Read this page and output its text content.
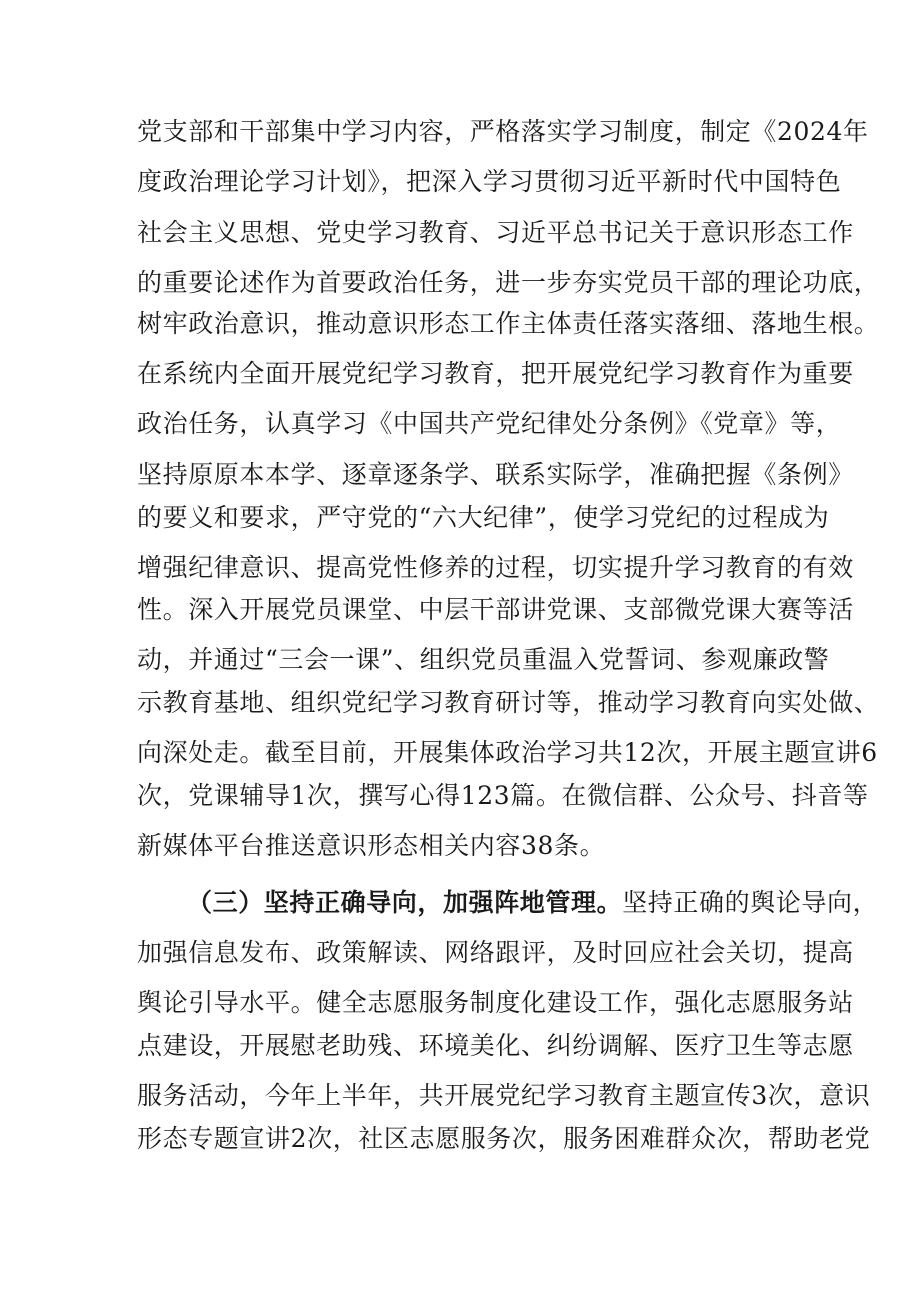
党支部和干部集中学习内容，严格落实学习制度，制定《2024年
度政治理论学习计划》，把深入学习贯彻习近平新时代中国特色
社会主义思想、党史学习教育、习近平总书记关于意识形态工作
的重要论述作为首要政治任务，进一步夯实党员干部的理论功底，
树牢政治意识，推动意识形态工作主体责任落实落细、落地生根。
在系统内全面开展党纪学习教育，把开展党纪学习教育作为重要
政治任务，认真学习《中国共产党纪律处分条例》《党章》等，
坚持原原本本学、逐章逐条学、联系实际学，准确把握《条例》
的要义和要求，严守党的“六大纪律”，使学习党纪的过程成为
增强纪律意识、提高党性修养的过程，切实提升学习教育的有效
性。深入开展党员课堂、中层干部讲党课、支部微党课大赛等活
动，并通过“三会一课”、组织党员重温入党誓词、参观廉政警
示教育基地、组织党纪学习教育研讨等，推动学习教育向实处做、
向深处走。截至目前，开展集体政治学习共12次，开展主题宣讲6
次，党课辅导1次，撰写心得123篇。在微信群、公众号、抖音等
新媒体平台推送意识形态相关内容38条。
（三）坚持正确导向，加强阵地管理。坚持正确的舆论导向，
加强信息发布、政策解读、网络跟评，及时回应社会关切，提高
舆论引导水平。健全志愿服务制度化建设工作，强化志愿服务站
点建设，开展慰老助残、环境美化、纠纷调解、医疗卫生等志愿
服务活动，今年上半年，共开展党纪学习教育主题宣传3次，意识
形态专题宣讲2次，社区志愿服务次，服务困难群众次，帮助老党
